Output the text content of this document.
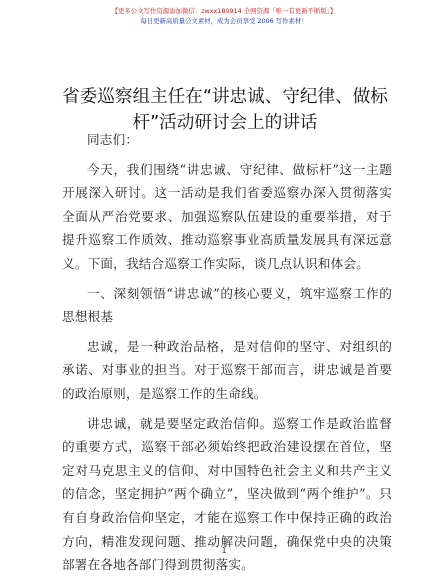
【更多公文写作资源添加微信：zwxx180914 全网资源「唯一有更新不断版」】
每日更新高质量公文素材，成为会员享受 2006 写作素材！
省委巡察组主任在“讲忠诚、守纪律、做标杆”活动研讨会上的讲话

同志们：

今天，我们围绕“讲忠诚、守纪律、做标杆”这一主题开展深入研讨。这一活动是我们省委巡察办深入贯彻落实全面从严治党要求、加强巡察队伍建设的重要举措，对于提升巡察工作质效、推动巡察事业高质量发展具有深远意义。下面，我结合巡察工作实际，谈几点认识和体会。

一、深刻领悟“讲忠诚”的核心要义，筑牢巡察工作的思想根基

忠诚，是一种政治品格，是对信仰的坚守、对组织的承诺、对事业的担当。对于巡察干部而言，讲忠诚是首要的政治原则，是巡察工作的生命线。

讲忠诚，就是要坚定政治信仰。巡察工作是政治监督的重要方式，巡察干部必须始终把政治建设摆在首位，坚定对马克思主义的信仰、对中国特色社会主义和共产主义的信念，坚定拥护“两个确立”，坚决做到“两个维护”。只有自身政治信仰坚定，才能在巡察工作中保持正确的政治方向，精准发现问题、推动解决问题，确保党中央的决策部署在各地各部门得到贯彻落实。

1
